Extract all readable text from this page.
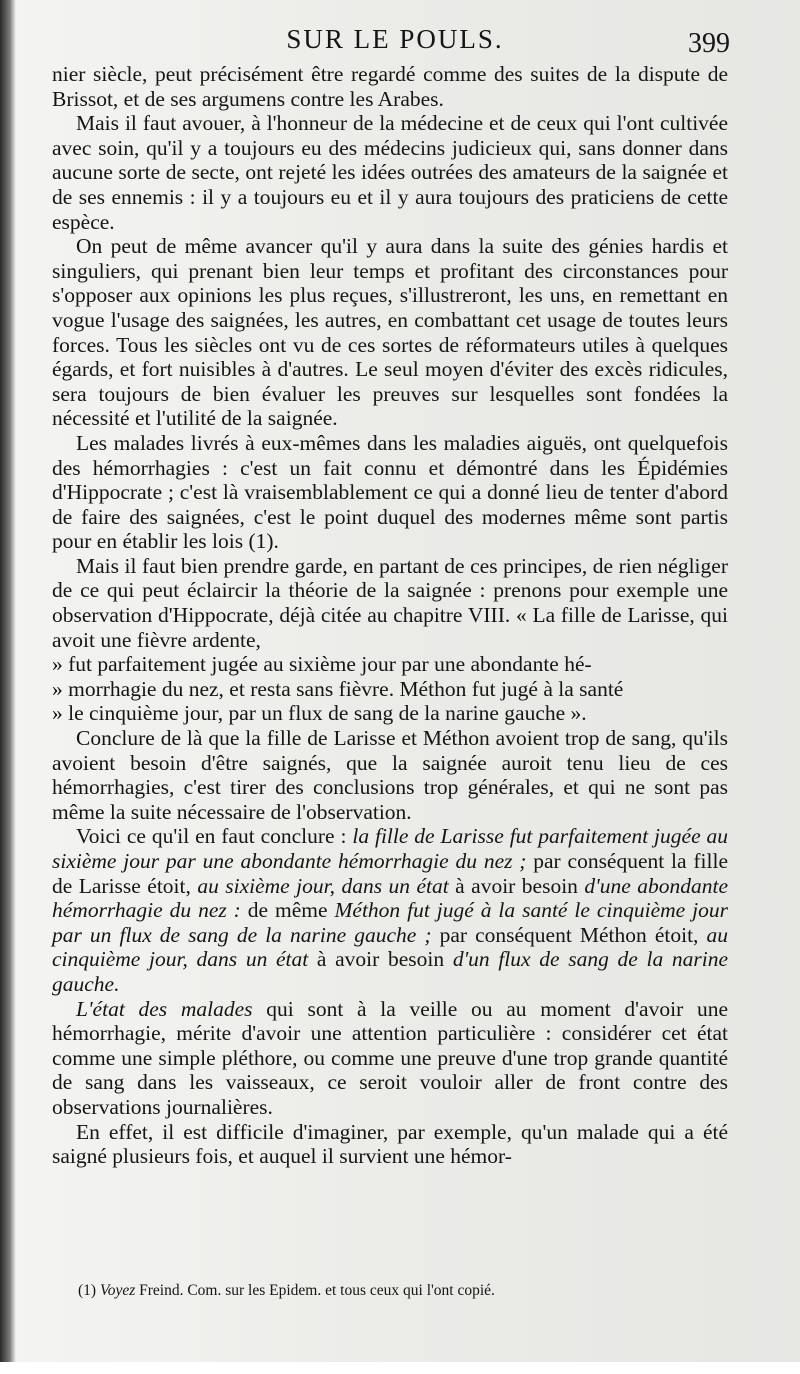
SUR LE POULS.	399

nier siècle, peut précisément être regardé comme des suites de la dispute de Brissot, et de ses argumens contre les Arabes.

Mais il faut avouer, à l'honneur de la médecine et de ceux qui l'ont cultivée avec soin, qu'il y a toujours eu des médecins judicieux qui, sans donner dans aucune sorte de secte, ont rejeté les idées outrées des amateurs de la saignée et de ses ennemis : il y a toujours eu et il y aura toujours des praticiens de cette espèce.

On peut de même avancer qu'il y aura dans la suite des génies hardis et singuliers, qui prenant bien leur temps et profitant des circonstances pour s'opposer aux opinions les plus reçues, s'illustreront, les uns, en remettant en vogue l'usage des saignées, les autres, en combattant cet usage de toutes leurs forces. Tous les siècles ont vu de ces sortes de réformateurs utiles à quelques égards, et fort nuisibles à d'autres. Le seul moyen d'éviter des excès ridicules, sera toujours de bien évaluer les preuves sur lesquelles sont fondées la nécessité et l'utilité de la saignée.

Les malades livrés à eux-mêmes dans les maladies aiguës, ont quelquefois des hémorrhagies : c'est un fait connu et démontré dans les Épidémies d'Hippocrate ; c'est là vraisemblablement ce qui a donné lieu de tenter d'abord de faire des saignées, c'est le point duquel des modernes même sont partis pour en établir les lois (1).

Mais il faut bien prendre garde, en partant de ces principes, de rien négliger de ce qui peut éclaircir la théorie de la saignée : prenons pour exemple une observation d'Hippocrate, déjà citée au chapitre VIII. « La fille de Larisse, qui avoit une fièvre ardente,

» fut parfaitement jugée au sixième jour par une abondante hé-

» morrhagie du nez, et resta sans fièvre. Méthon fut jugé à la santé

» le cinquième jour, par un flux de sang de la narine gauche ».

Conclure de là que la fille de Larisse et Méthon avoient trop de sang, qu'ils avoient besoin d'être saignés, que la saignée auroit tenu lieu de ces hémorrhagies, c'est tirer des conclusions trop générales, et qui ne sont pas même la suite nécessaire de l'observation.

Voici ce qu'il en faut conclure : la fille de Larisse fut parfaitement jugée au sixième jour par une abondante hémorrhagie du nez ; par conséquent la fille de Larisse étoit, au sixième jour, dans un état à avoir besoin d'une abondante hémorrhagie du nez : de même Méthon fut jugé à la santé le cinquième jour par un flux de sang de la narine gauche ; par conséquent Méthon étoit, au cinquième jour, dans un état à avoir besoin d'un flux de sang de la narine gauche.

L'état des malades qui sont à la veille ou au moment d'avoir une hémorrhagie, mérite d'avoir une attention particulière : considérer cet état comme une simple pléthore, ou comme une preuve d'une trop grande quantité de sang dans les vaisseaux, ce seroit vouloir aller de front contre des observations journalières.

En effet, il est difficile d'imaginer, par exemple, qu'un malade qui a été saigné plusieurs fois, et auquel il survient une hémor-

(1) Voyez Freind. Com. sur les Epidem. et tous ceux qui l'ont copié.
